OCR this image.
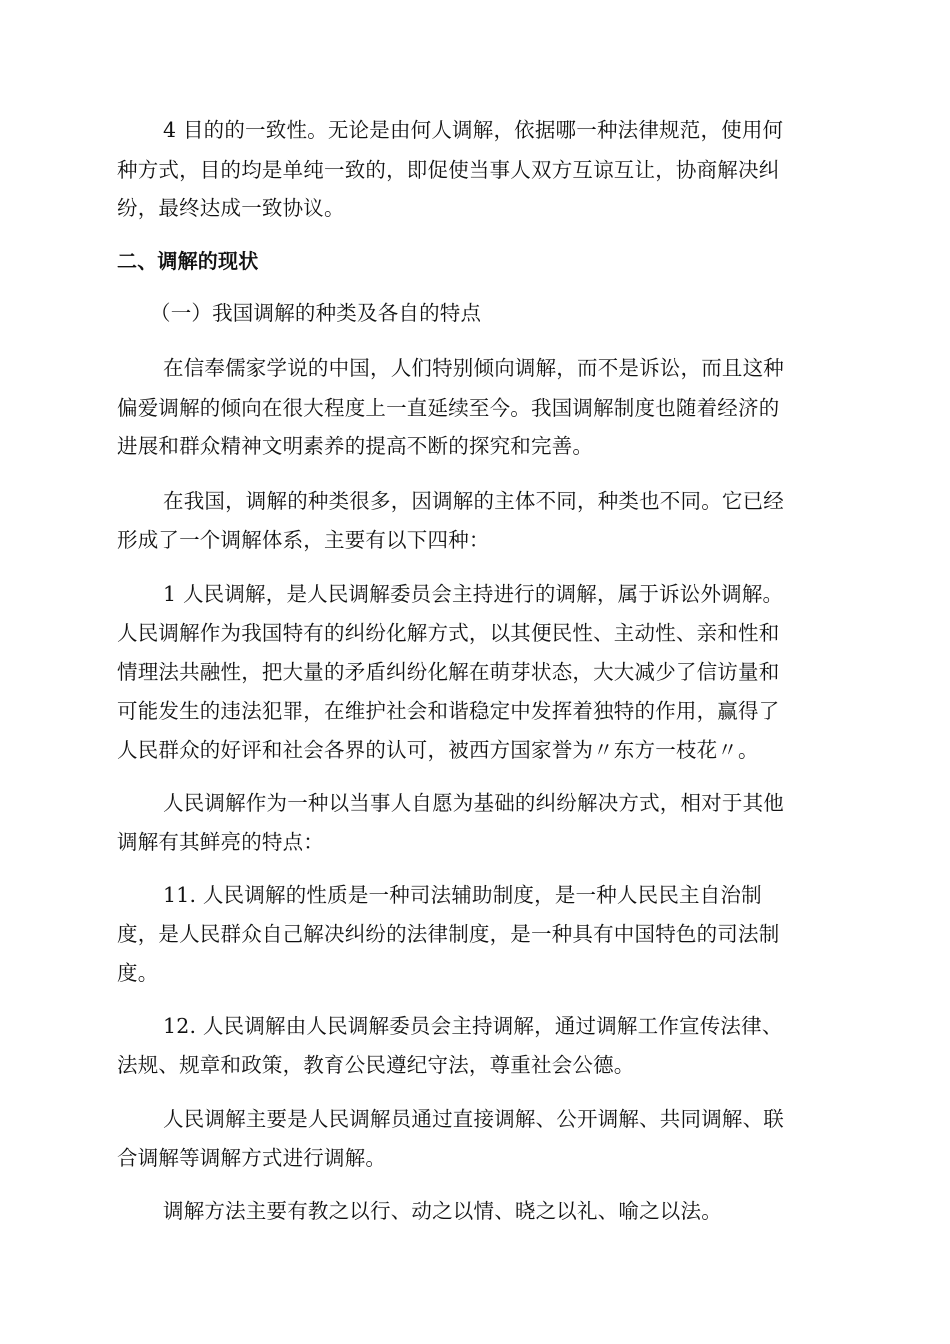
4 目的的一致性。无论是由何人调解，依据哪一种法律规范，使用何
种方式，目的均是单纯一致的，即促使当事人双方互谅互让，协商解决纠
纷，最终达成一致协议。
二、调解的现状
（一）我国调解的种类及各自的特点
在信奉儒家学说的中国，人们特别倾向调解，而不是诉讼，而且这种
偏爱调解的倾向在很大程度上一直延续至今。我国调解制度也随着经济的
进展和群众精神文明素养的提高不断的探究和完善。
在我国，调解的种类很多，因调解的主体不同，种类也不同。它已经
形成了一个调解体系，主要有以下四种：
1 人民调解，是人民调解委员会主持进行的调解，属于诉讼外调解。
人民调解作为我国特有的纠纷化解方式，以其便民性、主动性、亲和性和
情理法共融性，把大量的矛盾纠纷化解在萌芽状态，大大减少了信访量和
可能发生的违法犯罪，在维护社会和谐稳定中发挥着独特的作用，赢得了
人民群众的好评和社会各界的认可，被西方国家誉为〃东方一枝花〃。
人民调解作为一种以当事人自愿为基础的纠纷解决方式，相对于其他
调解有其鲜亮的特点：
11. 人民调解的性质是一种司法辅助制度，是一种人民民主自治制
度，是人民群众自己解决纠纷的法律制度，是一种具有中国特色的司法制
度。
12. 人民调解由人民调解委员会主持调解，通过调解工作宣传法律、
法规、规章和政策，教育公民遵纪守法，尊重社会公德。
人民调解主要是人民调解员通过直接调解、公开调解、共同调解、联
合调解等调解方式进行调解。
调解方法主要有教之以行、动之以情、晓之以礼、喻之以法。
